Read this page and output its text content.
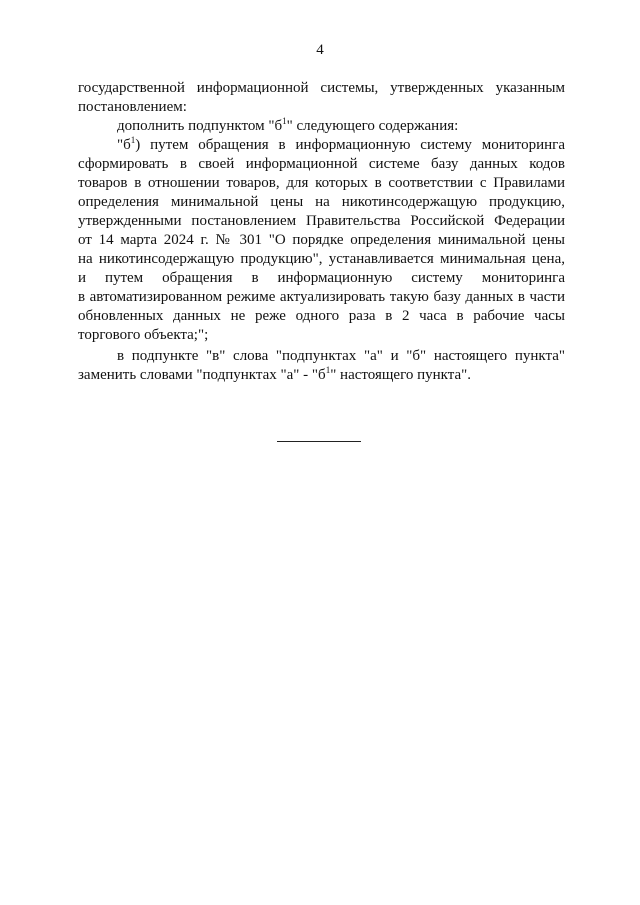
4
государственной информационной системы, утвержденных указанным
постановлением:
дополнить подпунктом "$б^1$" следующего содержания:
"$б^1$) путем обращения в информационную систему мониторинга
сформировать в своей информационной системе базу данных кодов
товаров в отношении товаров, для которых в соответствии с Правилами
определения минимальной цены на никотинсодержащую продукцию,
утвержденными постановлением Правительства Российской Федерации
от 14 марта 2024 г. № 301 "О порядке определения минимальной цены
на никотинсодержащую продукцию", устанавливается минимальная цена,
и путем обращения в информационную систему мониторинга
в автоматизированном режиме актуализировать такую базу данных в части
обновленных данных не реже одного раза в 2 часа в рабочие часы
торгового объекта;";
в подпункте "в" слова "подпунктах "а" и "б" настоящего пункта"
заменить словами "подпунктах "а" - "$б^1$" настоящего пункта".
